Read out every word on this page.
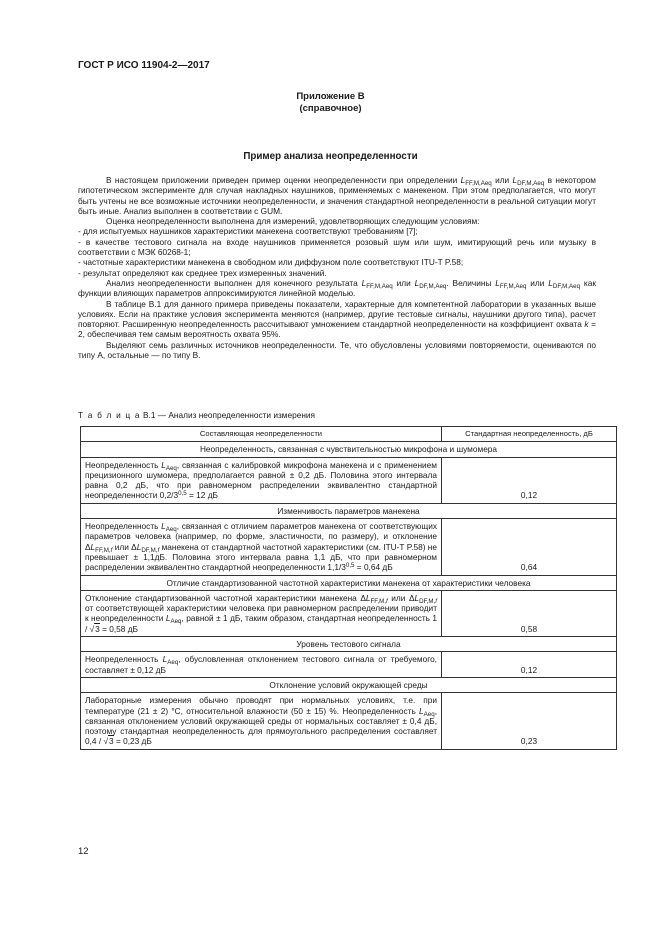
ГОСТ Р ИСО 11904-2—2017
Приложение В
(справочное)
Пример анализа неопределенности

В настоящем приложении приведен пример оценки неопределенности при определении $L_{FF,M,Aeq}$ или $L_{DF,M,Aeq}$ в некотором гипотетическом эксперименте для случая накладных наушников, применяемых с манекеном. При этом предполагается, что могут быть учтены не все возможные источники неопределенности, и значения стандартной неопределенности в реальной ситуации могут быть иные. Анализ выполнен в соответствии с GUM.

Оценка неопределенности выполнена для измерений, удовлетворяющих следующим условиям:

- для испытуемых наушников характеристики манекена соответствуют требованиям [7];

- в качестве тестового сигнала на входе наушников применяется розовый шум или шум, имитирующий речь или музыку в соответствии с МЭК 60268-1;

- частотные характеристики манекена в свободном или диффузном поле соответствуют ITU-T P.58;

- результат определяют как среднее трех измеренных значений.

Анализ неопределенности выполнен для конечного результата $L_{FF,M,Aeq}$ или $L_{DF,M,Aeq}$. Величины $L_{FF,M,Aeq}$ или $L_{DF,M,Aeq}$ как функции влияющих параметров аппроксимируются линейной моделью.

В таблице В.1 для данного примера приведены показатели, характерные для компетентной лаборатории в указанных выше условиях. Если на практике условия эксперимента меняются (например, другие тестовые сигналы, наушники другого типа), расчет повторяют. Расширенную неопределенность рассчитывают умножением стандартной неопределенности на коэффициент охвата k = 2, обеспечивая тем самым вероятность охвата 95%.

Выделяют семь различных источников неопределенности. Те, что обусловлены условиями повторяемости, оцениваются по типу А, остальные — по типу В.

Т а б л и ц а В.1 — Анализ неопределенности измерения
Составляющая неопределенности	Стандартная неопределенность, дБ
Неопределенность, связанная с чувствительностью микрофона и шумомера	
Неопределенность $L_{Aeq}$, связанная с калибровкой микрофона манекена и с применением прецизионного шумомера, предполагается равной ± 0,2 дБ. Половина этого интервала равна 0,2 дБ, что при равномерном распределении эквивалентно стандартной неопределенности $0,2/3^{0,5} = 12$ дБ	0,12
Изменчивость параметров манекена	
Неопределенность $L_{Aeq}$, связанная с отличием параметров манекена от соответствующих параметров человека (например, по форме, эластичности, по размеру), и отклонение $\Delta L_{FF,M,f}$ или $\Delta L_{DF,M,f}$ манекена от стандартной частотной характеристики (см. ITU-T P.58) не превышает ± 1,1дБ. Половина этого интервала равна 1,1 дБ, что при равномерном распределении эквивалентно стандартной неопределенности $1,1/3^{0,5} = 0,64$ дБ	0,64
Отличие стандартизованной частотной характеристики манекена от характеристики человека	
Отклонение стандартизованной частотной характеристики манекена $\Delta L_{FF,M,f}$ или $\Delta L_{DF,M,f}$ от соответствующей характеристики человека при равномерном распределении приводит к неопределенности $L_{Aeq}$, равной ± 1 дБ, таким образом, стандартная неопределенность 1 / √3 = 0,58 дБ	0,58
Уровень тестового сигнала	
Неопределенность $L_{Aeq}$, обусловленная отклонением тестового сигнала от требуемого, составляет ± 0,12 дБ	0,12
Отклонение условий окружающей среды	
Лабораторные измерения обычно проводят при нормальных условиях, т.е. при температуре (21 ± 2) °С, относительной влажности (50 ± 15) %. Неопределенность $L_{Aeq}$, связанная отклонением условий окружающей среды от нормальных составляет ± 0,4 дБ, поэтому стандартная неопределенность для прямоугольного распределения составляет 0,4 / √3 = 0,23 дБ	0,23
12
